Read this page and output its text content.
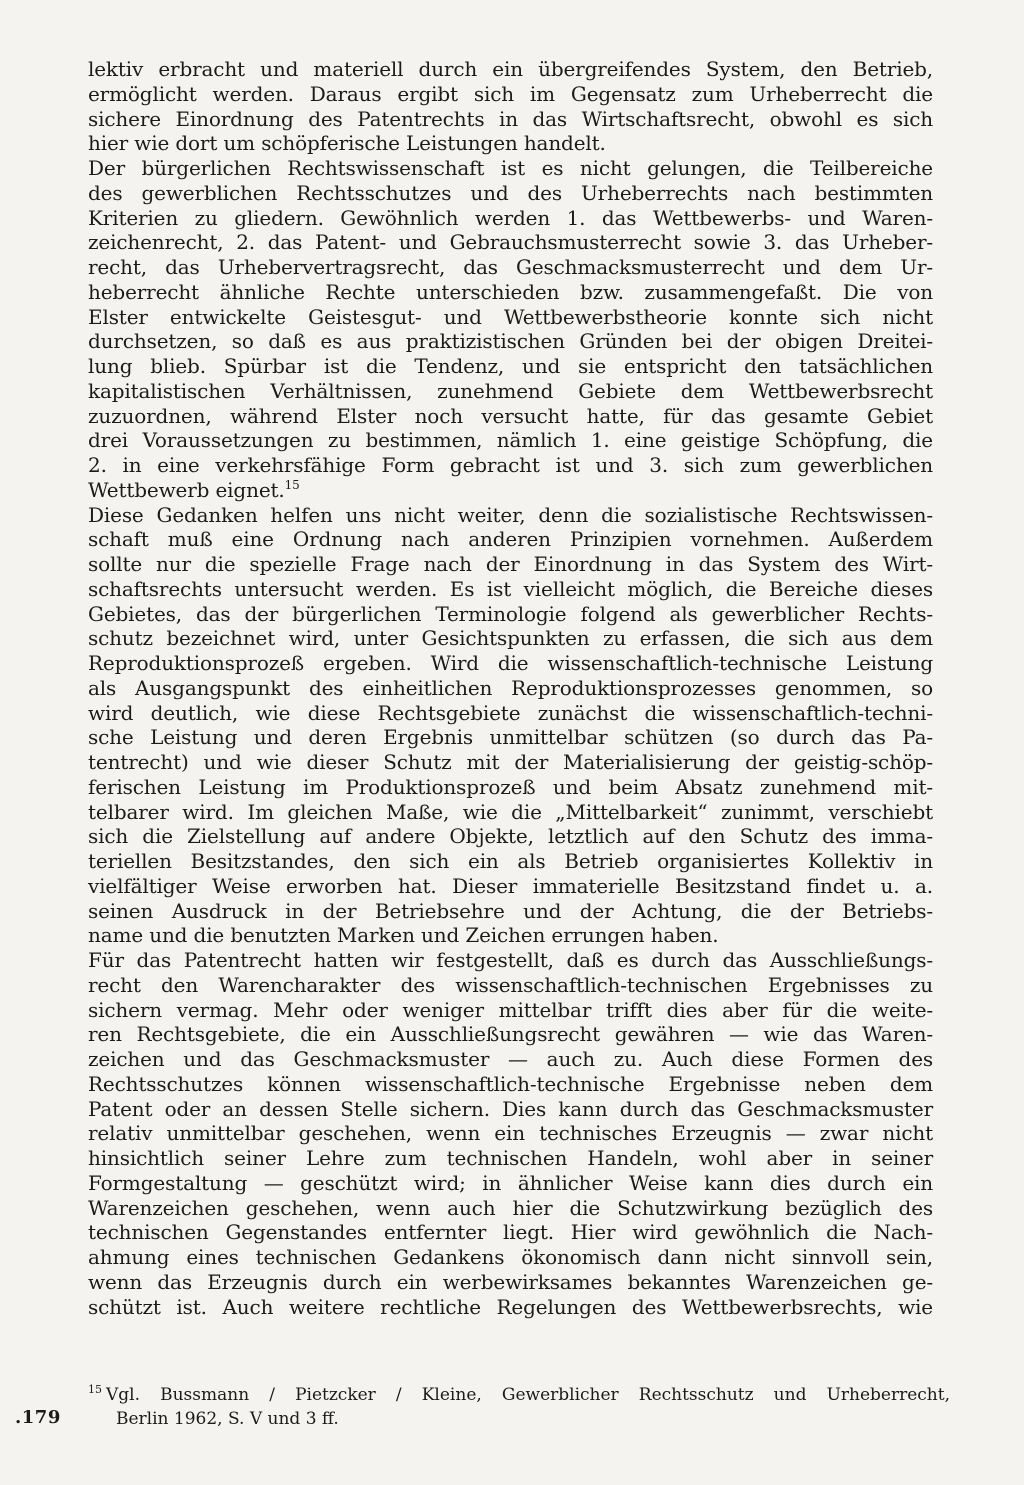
lektiv erbracht und materiell durch ein übergreifendes System, den Betrieb,
ermöglicht werden. Daraus ergibt sich im Gegensatz zum Urheberrecht die
sichere Einordnung des Patentrechts in das Wirtschaftsrecht, obwohl es sich
hier wie dort um schöpferische Leistungen handelt.
Der bürgerlichen Rechtswissenschaft ist es nicht gelungen, die Teilbereiche
des gewerblichen Rechtsschutzes und des Urheberrechts nach bestimmten
Kriterien zu gliedern. Gewöhnlich werden 1. das Wettbewerbs- und Waren-
zeichenrecht, 2. das Patent- und Gebrauchsmusterrecht sowie 3. das Urheber-
recht, das Urhebervertragsrecht, das Geschmacksmusterrecht und dem Ur-
heberrecht ähnliche Rechte unterschieden bzw. zusammengefaßt. Die von
Elster entwickelte Geistesgut- und Wettbewerbstheorie konnte sich nicht
durchsetzen, so daß es aus praktizistischen Gründen bei der obigen Dreitei-
lung blieb. Spürbar ist die Tendenz, und sie entspricht den tatsächlichen
kapitalistischen Verhältnissen, zunehmend Gebiete dem Wettbewerbsrecht
zuzuordnen, während Elster noch versucht hatte, für das gesamte Gebiet
drei Voraussetzungen zu bestimmen, nämlich 1. eine geistige Schöpfung, die
2. in eine verkehrsfähige Form gebracht ist und 3. sich zum gewerblichen
Wettbewerb eignet.$^{15}$
Diese Gedanken helfen uns nicht weiter, denn die sozialistische Rechtswissen-
schaft muß eine Ordnung nach anderen Prinzipien vornehmen. Außerdem
sollte nur die spezielle Frage nach der Einordnung in das System des Wirt-
schaftsrechts untersucht werden. Es ist vielleicht möglich, die Bereiche dieses
Gebietes, das der bürgerlichen Terminologie folgend als gewerblicher Rechts-
schutz bezeichnet wird, unter Gesichtspunkten zu erfassen, die sich aus dem
Reproduktionsprozeß ergeben. Wird die wissenschaftlich-technische Leistung
als Ausgangspunkt des einheitlichen Reproduktionsprozesses genommen, so
wird deutlich, wie diese Rechtsgebiete zunächst die wissenschaftlich-techni-
sche Leistung und deren Ergebnis unmittelbar schützen (so durch das Pa-
tentrecht) und wie dieser Schutz mit der Materialisierung der geistig-schöp-
ferischen Leistung im Produktionsprozeß und beim Absatz zunehmend mit-
telbarer wird. Im gleichen Maße, wie die „Mittelbarkeit“ zunimmt, verschiebt
sich die Zielstellung auf andere Objekte, letztlich auf den Schutz des imma-
teriellen Besitzstandes, den sich ein als Betrieb organisiertes Kollektiv in
vielfältiger Weise erworben hat. Dieser immaterielle Besitzstand findet u. a.
seinen Ausdruck in der Betriebsehre und der Achtung, die der Betriebs-
name und die benutzten Marken und Zeichen errungen haben.
Für das Patentrecht hatten wir festgestellt, daß es durch das Ausschließungs-
recht den Warencharakter des wissenschaftlich-technischen Ergebnisses zu
sichern vermag. Mehr oder weniger mittelbar trifft dies aber für die weite-
ren Rechtsgebiete, die ein Ausschließungsrecht gewähren — wie das Waren-
zeichen und das Geschmacksmuster — auch zu. Auch diese Formen des
Rechtsschutzes können wissenschaftlich-technische Ergebnisse neben dem
Patent oder an dessen Stelle sichern. Dies kann durch das Geschmacksmuster
relativ unmittelbar geschehen, wenn ein technisches Erzeugnis — zwar nicht
hinsichtlich seiner Lehre zum technischen Handeln, wohl aber in seiner
Formgestaltung — geschützt wird; in ähnlicher Weise kann dies durch ein
Warenzeichen geschehen, wenn auch hier die Schutzwirkung bezüglich des
technischen Gegenstandes entfernter liegt. Hier wird gewöhnlich die Nach-
ahmung eines technischen Gedankens ökonomisch dann nicht sinnvoll sein,
wenn das Erzeugnis durch ein werbewirksames bekanntes Warenzeichen ge-
schützt ist. Auch weitere rechtliche Regelungen des Wettbewerbsrechts, wie
$^{15}$ Vgl. Bussmann / Pietzcker / Kleine, Gewerblicher Rechtsschutz und Urheberrecht,
Berlin 1962, S. V und 3 ff.
.179
